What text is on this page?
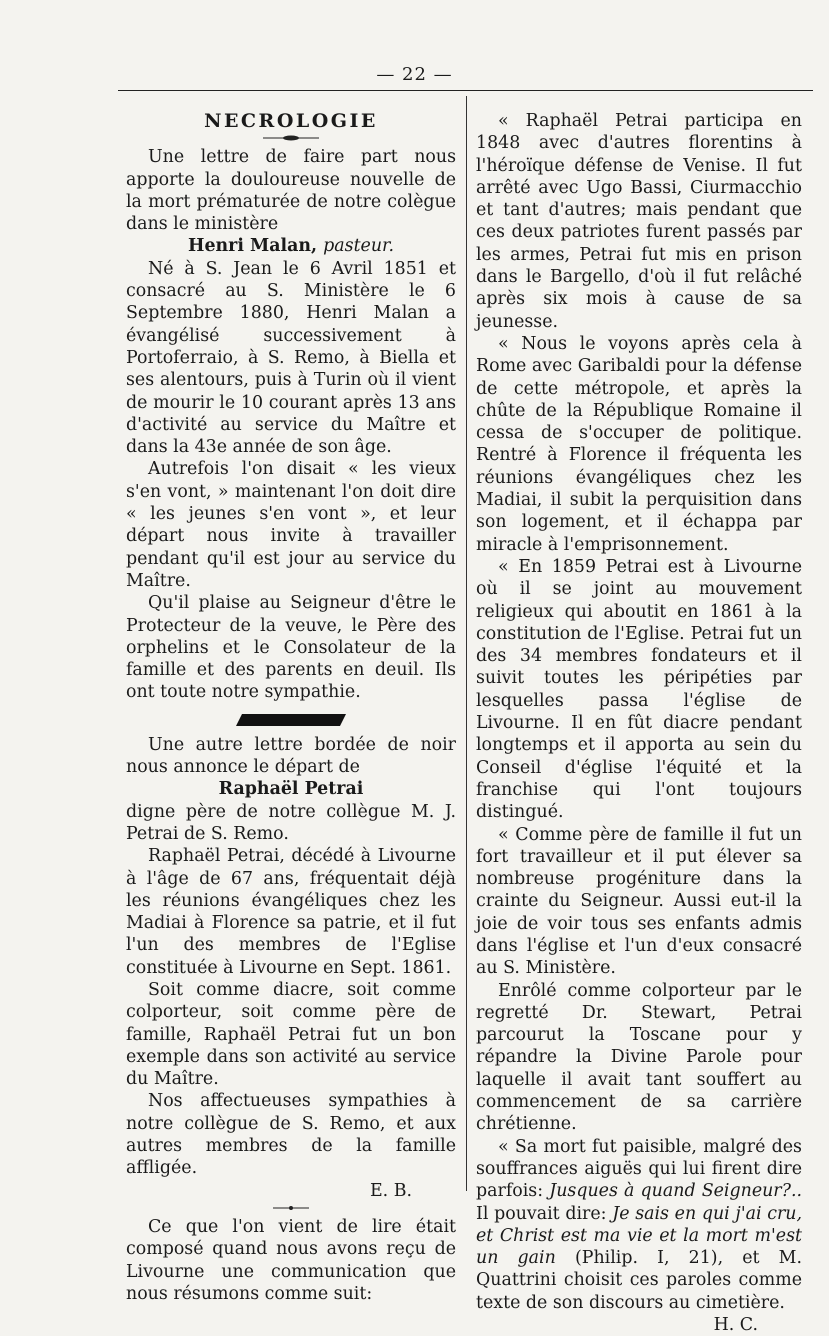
— 22 —

NECROLOGIE

Une lettre de faire part nous apporte la douloureuse nouvelle de la mort prématurée de notre colègue dans le ministère

Henri Malan, pasteur.

Né à S. Jean le 6 Avril 1851 et consacré au S. Ministère le 6 Septembre 1880, Henri Malan a évangélisé successivement à Portoferraio, à S. Remo, à Biella et ses alentours, puis à Turin où il vient de mourir le 10 courant après 13 ans d'activité au service du Maître et dans la 43e année de son âge.

Autrefois l'on disait « les vieux s'en vont, » maintenant l'on doit dire « les jeunes s'en vont », et leur départ nous invite à travailler pendant qu'il est jour au service du Maître.

Qu'il plaise au Seigneur d'être le Protecteur de la veuve, le Père des orphelins et le Consolateur de la famille et des parents en deuil. Ils ont toute notre sympathie.

Une autre lettre bordée de noir nous annonce le départ de

Raphaël Petrai

digne père de notre collègue M. J. Petrai de S. Remo.

Raphaël Petrai, décédé à Livourne à l'âge de 67 ans, fréquentait déjà les réunions évangéliques chez les Madiai à Florence sa patrie, et il fut l'un des membres de l'Eglise constituée à Livourne en Sept. 1861.

Soit comme diacre, soit comme colporteur, soit comme père de famille, Raphaël Petrai fut un bon exemple dans son activité au service du Maître.

Nos affectueuses sympathies à notre collègue de S. Remo, et aux autres membres de la famille affligée.

E. B.

Ce que l'on vient de lire était composé quand nous avons reçu de Livourne une communication que nous résumons comme suit:

« Raphaël Petrai participa en 1848 avec d'autres florentins à l'héroïque défense de Venise. Il fut arrêté avec Ugo Bassi, Ciurmacchio et tant d'autres; mais pendant que ces deux patriotes furent passés par les armes, Petrai fut mis en prison dans le Bargello, d'où il fut relâché après six mois à cause de sa jeunesse.

« Nous le voyons après cela à Rome avec Garibaldi pour la défense de cette métropole, et après la chûte de la République Romaine il cessa de s'occuper de politique. Rentré à Florence il fréquenta les réunions évangéliques chez les Madiai, il subit la perquisition dans son logement, et il échappa par miracle à l'emprisonnement.

« En 1859 Petrai est à Livourne où il se joint au mouvement religieux qui aboutit en 1861 à la constitution de l'Eglise. Petrai fut un des 34 membres fondateurs et il suivit toutes les péripéties par lesquelles passa l'église de Livourne. Il en fût diacre pendant longtemps et il apporta au sein du Conseil d'église l'équité et la franchise qui l'ont toujours distingué.

« Comme père de famille il fut un fort travailleur et il put élever sa nombreuse progéniture dans la crainte du Seigneur. Aussi eut-il la joie de voir tous ses enfants admis dans l'église et l'un d'eux consacré au S. Ministère.

Enrôlé comme colporteur par le regretté Dr. Stewart, Petrai parcourut la Toscane pour y répandre la Divine Parole pour laquelle il avait tant souffert au commencement de sa carrière chrétienne.

« Sa mort fut paisible, malgré des souffrances aiguës qui lui firent dire parfois: Jusques à quand Seigneur?.. Il pouvait dire: Je sais en qui j'ai cru, et Christ est ma vie et la mort m'est un gain (Philip. I, 21), et M. Quattrini choisit ces paroles comme texte de son discours au cimetière.

H. C.
